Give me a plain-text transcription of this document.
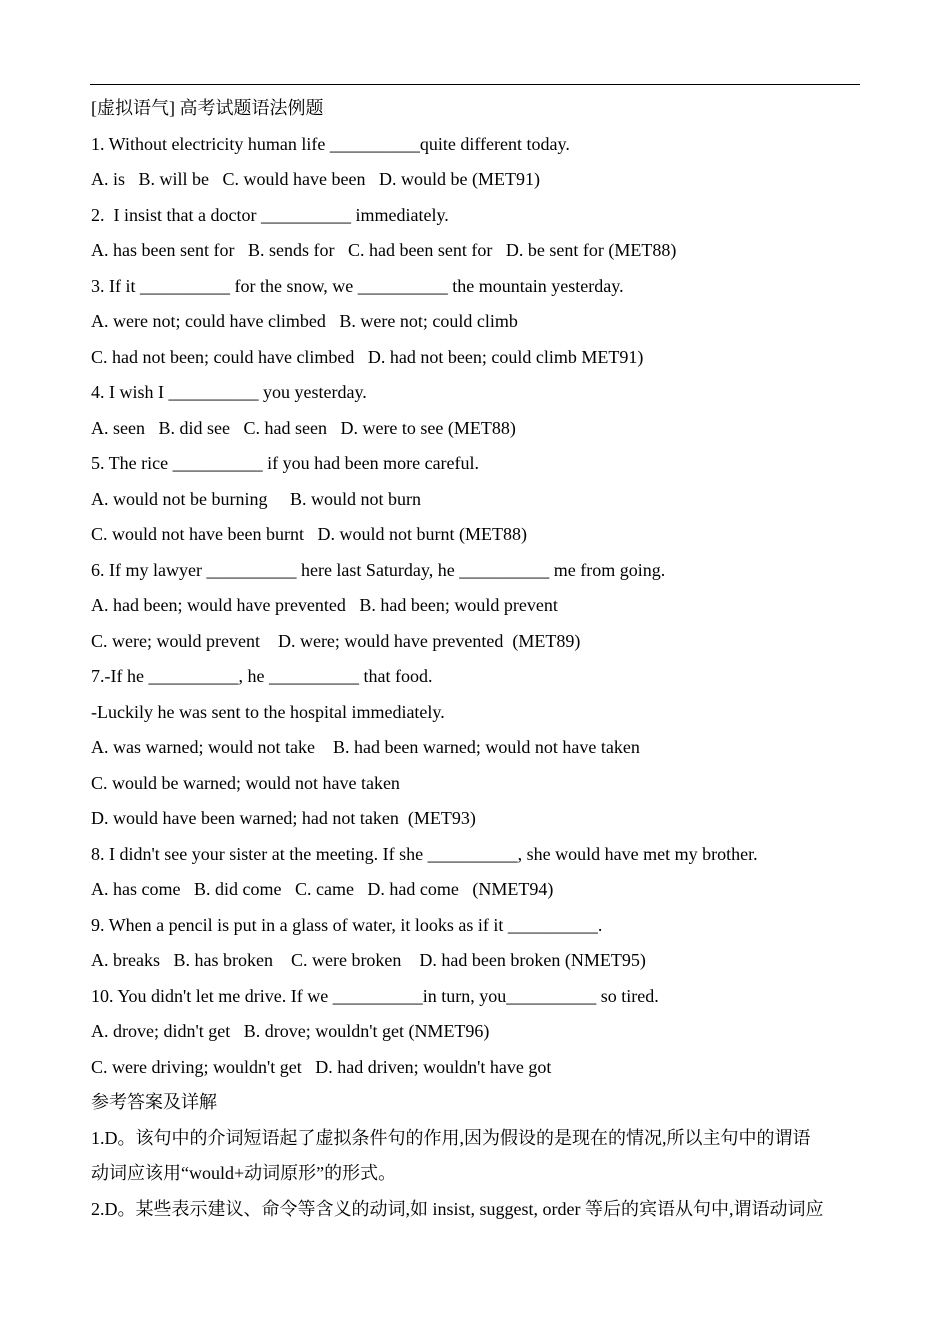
[虚拟语气] 高考试题语法例题
1. Without electricity human life __________quite different today.
A. is   B. will be   C. would have been   D. would be (MET91)
2.  I insist that a doctor __________ immediately.
A. has been sent for   B. sends for   C. had been sent for   D. be sent for (MET88)
3. If it __________ for the snow, we __________ the mountain yesterday.
A. were not; could have climbed   B. were not; could climb
C. had not been; could have climbed   D. had not been; could climb MET91)
4. I wish I __________ you yesterday.
A. seen   B. did see   C. had seen   D. were to see (MET88)
5. The rice __________ if you had been more careful.
A. would not be burning     B. would not burn
C. would not have been burnt   D. would not burnt (MET88)
6. If my lawyer __________ here last Saturday, he __________ me from going.
A. had been; would have prevented   B. had been; would prevent
C. were; would prevent    D. were; would have prevented  (MET89)
7.-If he __________, he __________ that food.
-Luckily he was sent to the hospital immediately.
A. was warned; would not take    B. had been warned; would not have taken
C. would be warned; would not have taken
D. would have been warned; had not taken  (MET93)
8. I didn't see your sister at the meeting. If she __________, she would have met my brother.
A. has come   B. did come   C. came   D. had come   (NMET94)
9. When a pencil is put in a glass of water, it looks as if it __________.
A. breaks   B. has broken    C. were broken    D. had been broken (NMET95)
10. You didn't let me drive. If we __________in turn, you__________ so tired.
A. drove; didn't get   B. drove; wouldn't get (NMET96)
C. were driving; wouldn't get   D. had driven; wouldn't have got
参考答案及详解
1.D。该句中的介词短语起了虚拟条件句的作用,因为假设的是现在的情况,所以主句中的谓语
动词应该用“would+动词原形”的形式。
2.D。某些表示建议、命令等含义的动词,如 insist, suggest, order 等后的宾语从句中,谓语动词应
